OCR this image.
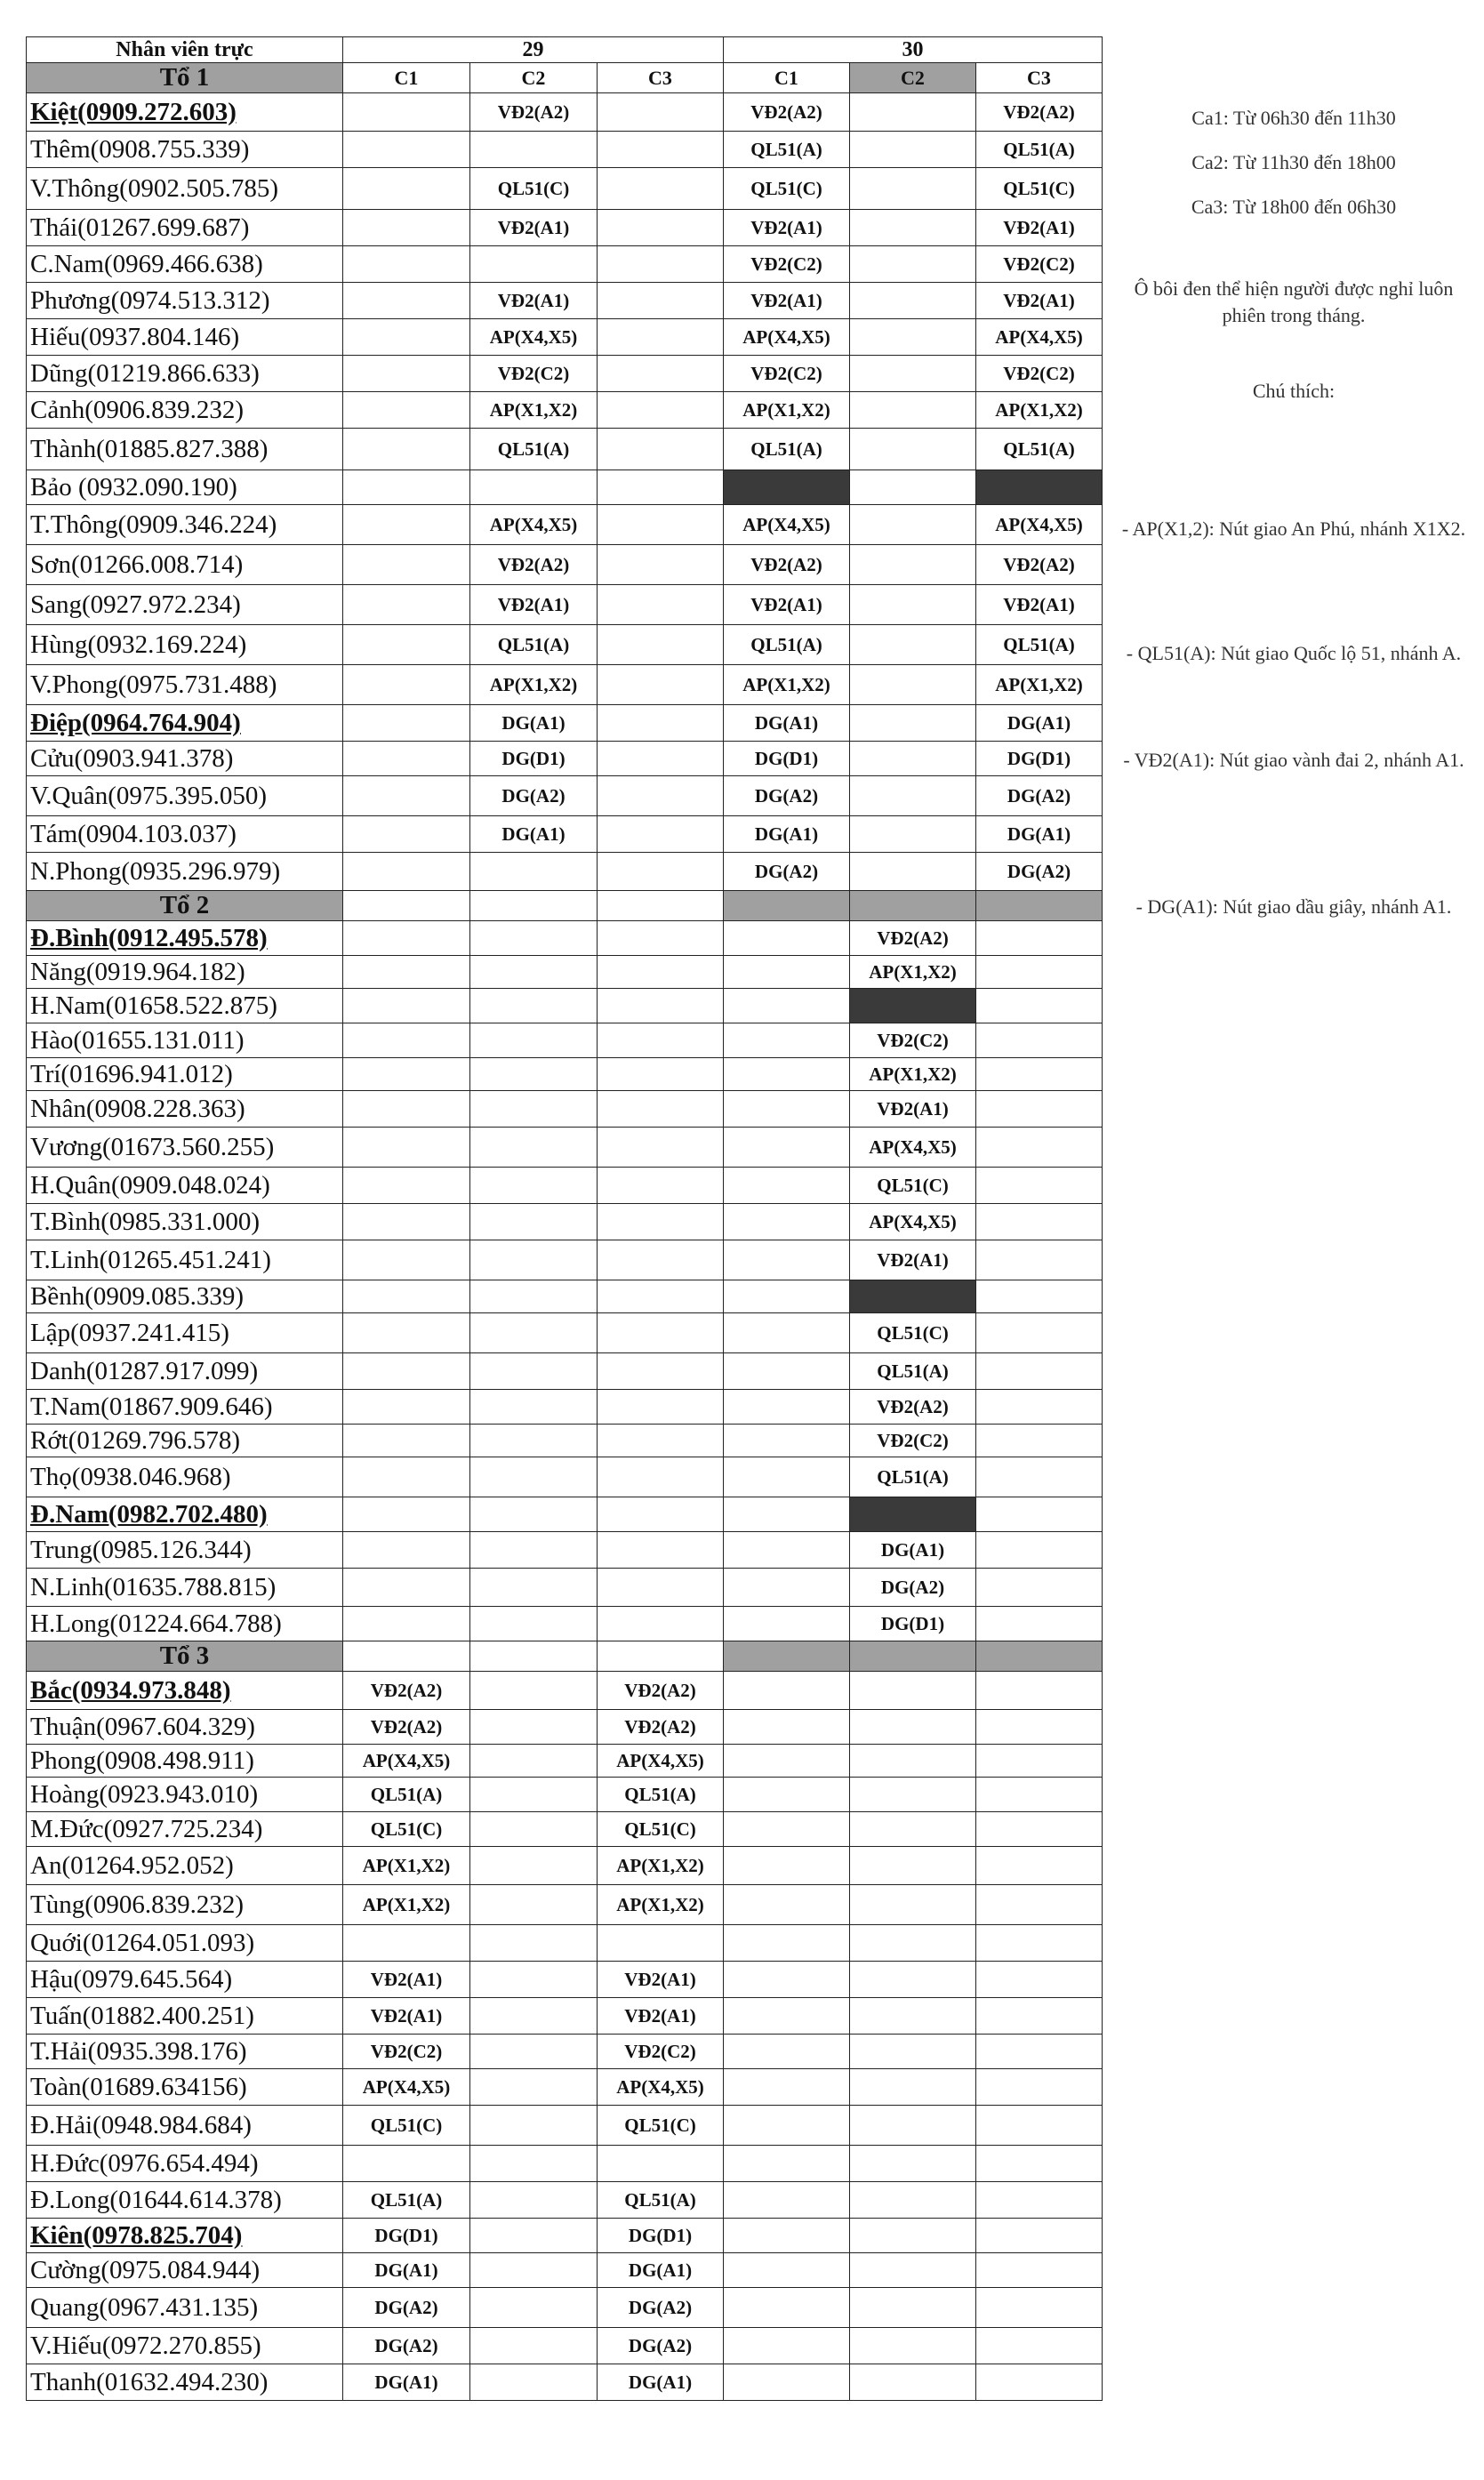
Nhân viên trực	29			30		
Tổ 1	C1	C2	C3	C1	C2	C3
Kiệt(0909.272.603)		VĐ2(A2)		VĐ2(A2)		VĐ2(A2)
Thêm(0908.755.339)				QL51(A)		QL51(A)
V.Thông(0902.505.785)		QL51(C)		QL51(C)		QL51(C)
Thái(01267.699.687)		VĐ2(A1)		VĐ2(A1)		VĐ2(A1)
C.Nam(0969.466.638)				VĐ2(C2)		VĐ2(C2)
Phương(0974.513.312)		VĐ2(A1)		VĐ2(A1)		VĐ2(A1)
Hiếu(0937.804.146)		AP(X4,X5)		AP(X4,X5)		AP(X4,X5)
Dũng(01219.866.633)		VĐ2(C2)		VĐ2(C2)		VĐ2(C2)
Cảnh(0906.839.232)		AP(X1,X2)		AP(X1,X2)		AP(X1,X2)
Thành(01885.827.388)		QL51(A)		QL51(A)		QL51(A)
Bảo (0932.090.190)						
T.Thông(0909.346.224)		AP(X4,X5)		AP(X4,X5)		AP(X4,X5)
Sơn(01266.008.714)		VĐ2(A2)		VĐ2(A2)		VĐ2(A2)
Sang(0927.972.234)		VĐ2(A1)		VĐ2(A1)		VĐ2(A1)
Hùng(0932.169.224)		QL51(A)		QL51(A)		QL51(A)
V.Phong(0975.731.488)		AP(X1,X2)		AP(X1,X2)		AP(X1,X2)
Điệp(0964.764.904)		DG(A1)		DG(A1)		DG(A1)
Cửu(0903.941.378)		DG(D1)		DG(D1)		DG(D1)
V.Quân(0975.395.050)		DG(A2)		DG(A2)		DG(A2)
Tám(0904.103.037)		DG(A1)		DG(A1)		DG(A1)
N.Phong(0935.296.979)				DG(A2)		DG(A2)
Tổ 2						
Đ.Bình(0912.495.578)					VĐ2(A2)	
Năng(0919.964.182)					AP(X1,X2)	
H.Nam(01658.522.875)						
Hào(01655.131.011)					VĐ2(C2)	
Trí(01696.941.012)					AP(X1,X2)	
Nhân(0908.228.363)					VĐ2(A1)	
Vương(01673.560.255)					AP(X4,X5)	
H.Quân(0909.048.024)					QL51(C)	
T.Bình(0985.331.000)					AP(X4,X5)	
T.Linh(01265.451.241)					VĐ2(A1)	
Bềnh(0909.085.339)						
Lập(0937.241.415)					QL51(C)	
Danh(01287.917.099)					QL51(A)	
T.Nam(01867.909.646)					VĐ2(A2)	
Rớt(01269.796.578)					VĐ2(C2)	
Thọ(0938.046.968)					QL51(A)	
Đ.Nam(0982.702.480)						
Trung(0985.126.344)					DG(A1)	
N.Linh(01635.788.815)					DG(A2)	
H.Long(01224.664.788)					DG(D1)	
Tổ 3						
Bắc(0934.973.848)	VĐ2(A2)		VĐ2(A2)			
Thuận(0967.604.329)	VĐ2(A2)		VĐ2(A2)			
Phong(0908.498.911)	AP(X4,X5)		AP(X4,X5)			
Hoàng(0923.943.010)	QL51(A)		QL51(A)			
M.Đức(0927.725.234)	QL51(C)		QL51(C)			
An(01264.952.052)	AP(X1,X2)		AP(X1,X2)			
Tùng(0906.839.232)	AP(X1,X2)		AP(X1,X2)			
Quới(01264.051.093)						
Hậu(0979.645.564)	VĐ2(A1)		VĐ2(A1)			
Tuấn(01882.400.251)	VĐ2(A1)		VĐ2(A1)			
T.Hải(0935.398.176)	VĐ2(C2)		VĐ2(C2)			
Toàn(01689.634156)	AP(X4,X5)		AP(X4,X5)			
Đ.Hải(0948.984.684)	QL51(C)		QL51(C)			
H.Đức(0976.654.494)						
Đ.Long(01644.614.378)	QL51(A)		QL51(A)			
Kiên(0978.825.704)	DG(D1)		DG(D1)			
Cường(0975.084.944)	DG(A1)		DG(A1)			
Quang(0967.431.135)	DG(A2)		DG(A2)			
V.Hiếu(0972.270.855)	DG(A2)		DG(A2)			
Thanh(01632.494.230)	DG(A1)		DG(A1)			
Ca1: Từ 06h30 đến 11h30
Ca2: Từ 11h30 đến 18h00
Ca3: Từ 18h00 đến 06h30
Ô bôi đen thể hiện người được nghỉ luôn phiên trong tháng.
Chú thích:
- AP(X1,2): Nút giao An Phú, nhánh X1X2.
- QL51(A): Nút giao Quốc lộ 51, nhánh A.
- VĐ2(A1): Nút giao vành đai 2, nhánh A1.
- DG(A1): Nút giao dầu giây, nhánh A1.
